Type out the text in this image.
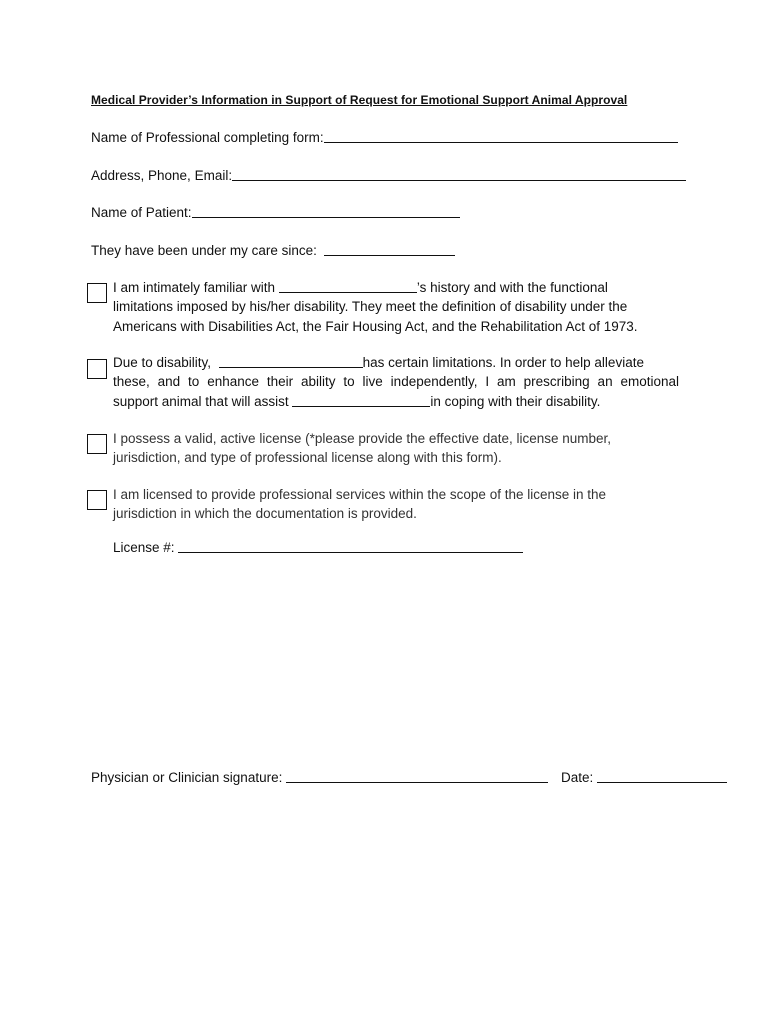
Medical Provider’s Information in Support of Request for Emotional Support Animal Approval
Name of Professional completing form:
Address, Phone, Email:
Name of Patient:
They have been under my care since:
I am intimately familiar with	’s history and with the functional
limitations imposed by his/her disability. They meet the definition of disability under the
Americans with Disabilities Act, the Fair Housing Act, and the Rehabilitation Act of 1973.
Due to disability,	has certain limitations. In order to help alleviate
these, and to enhance their ability to live independently, I am prescribing an emotional
support animal that will assist	in coping with their disability.
I possess a valid, active license (*please provide the effective date, license number,
jurisdiction, and type of professional license along with this form).
I am licensed to provide professional services within the scope of the license in the
jurisdiction in which the documentation is provided.
License #:
Physician or Clinician signature:	Date:
